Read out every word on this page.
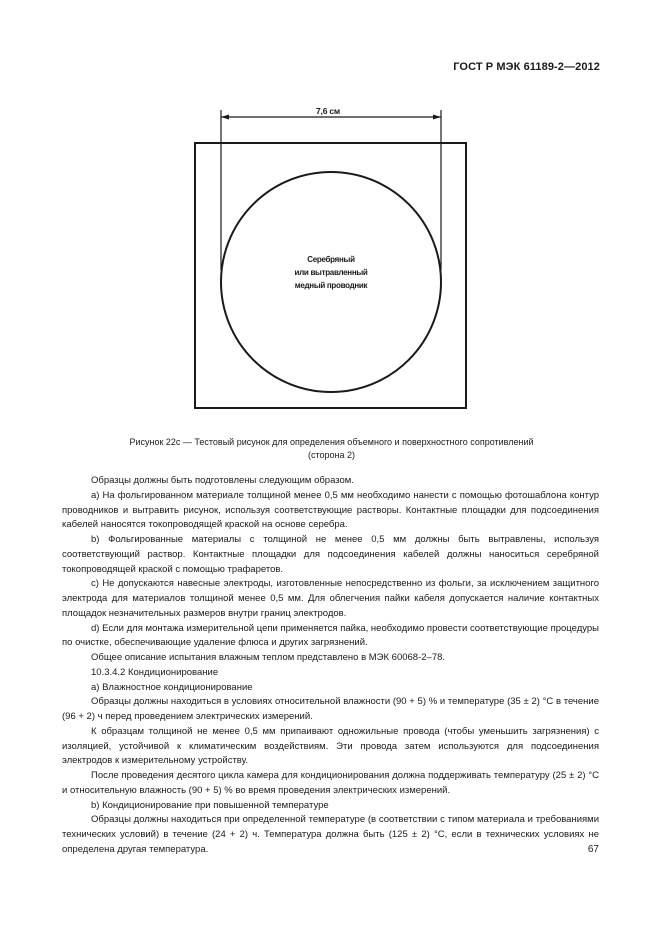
ГОСТ Р МЭК 61189-2—2012
7,6 см
Серебряный
или вытравленный
медный проводник
Рисунок 22с — Тестовый рисунок для определения объемного и поверхностного сопротивлений
(сторона 2)

Образцы должны быть подготовлены следующим образом.

а) На фольгированном материале толщиной менее 0,5 мм необходимо нанести с помощью фотошаблона контур проводников и вытравить рисунок, используя соответствующие растворы. Контактные площадки для подсоединения кабелей наносятся токопроводящей краской на основе серебра.

b) Фольгированные материалы с толщиной не менее 0,5 мм должны быть вытравлены, используя соответствующий раствор. Контактные площадки для подсоединения кабелей должны наноситься серебряной токопроводящей краской с помощью трафаретов.

с) Не допускаются навесные электроды, изготовленные непосредственно из фольги, за исключением защитного электрода для материалов толщиной менее 0,5 мм. Для облегчения пайки кабеля допускается наличие контактных площадок незначительных размеров внутри границ электродов.

d) Если для монтажа измерительной цепи применяется пайка, необходимо провести соответствующие процедуры по очистке, обеспечивающие удаление флюса и других загрязнений.

Общее описание испытания влажным теплом представлено в МЭК 60068-2–78.

10.3.4.2 Кондиционирование

а) Влажностное кондиционирование

Образцы должны находиться в условиях относительной влажности (90 + 5) % и температуре (35 ± 2) °С в течение (96 + 2) ч перед проведением электрических измерений.

К образцам толщиной не менее 0,5 мм припаивают одножильные провода (чтобы уменьшить загрязнения) с изоляцией, устойчивой к климатическим воздействиям. Эти провода затем используются для подсоединения электродов к измерительному устройству.

После проведения десятого цикла камера для кондиционирования должна поддерживать температуру (25 ± 2) °С и относительную влажность (90 + 5) % во время проведения электрических измерений.

b) Кондиционирование при повышенной температуре

Образцы должны находиться при определенной температуре (в соответствии с типом материала и требованиями технических условий) в течение (24 + 2) ч. Температура должна быть (125 ± 2) °С, если в технических условиях не определена другая температура.	67
